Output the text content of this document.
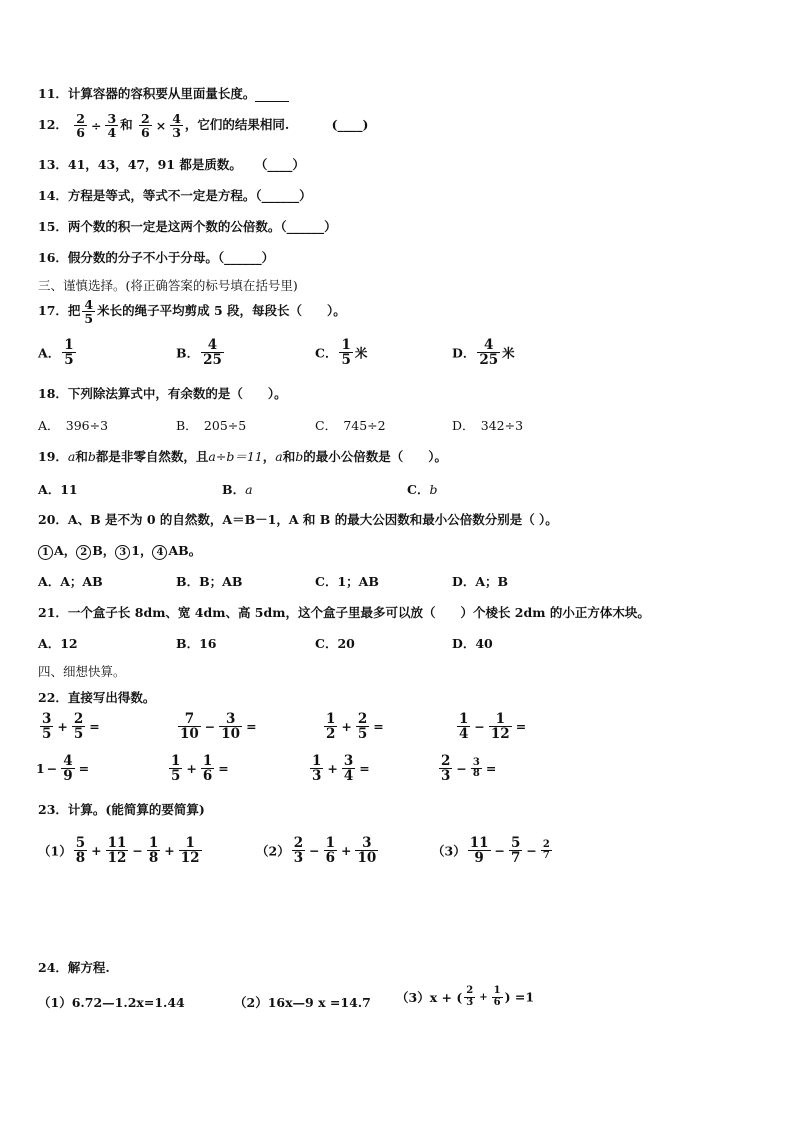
11．计算容器的容积要从里面量长度。
12． $\frac{2}{6} \div \frac{3}{4}$ 和 $\frac{2}{6} \times \frac{4}{3}$ ，它们的结果相同.	(____)
13．41，43，47，91 都是质数。 （____）
14．方程是等式，等式不一定是方程。（______）
15．两个数的积一定是这两个数的公倍数。（______）
16．假分数的分子不小于分母。（______）
三、谨慎选择。(将正确答案的标号填在括号里)
17．把 $\frac{4}{5}$ 米长的绳子平均剪成 5 段，每段长（　　）。
A． $\frac{1}{5}$	B． $\frac{4}{25}$	C． $\frac{1}{5}$ 米	D． $\frac{4}{25}$ 米
18．下列除法算式中，有余数的是（　　）。
A．　396÷3	B．　205÷5	C．　745÷2	D．　342÷3
19．a和b都是非零自然数，且a÷b＝11，a和b的最小公倍数是（　　）。
A．11	B．a	C．b
20．A、B 是不为 0 的自然数，A＝B－1，A 和 B 的最大公因数和最小公倍数分别是（ ）。
1 A， 2 B， 3 1， 4 AB。
A．A；AB	B．B；AB	C．1；AB	D．A；B
21．一个盒子长 8dm、宽 4dm、高 5dm，这个盒子里最多可以放（　　）个棱长 2dm 的小正方体木块。
A．12	B．16	C．20	D．40
四、细想快算。
22．直接写出得数。
$\frac{3}{5} + \frac{2}{5}$ =	$\frac{7}{10} - \frac{3}{10}$ =	$\frac{1}{2} + \frac{2}{5}$ =	$\frac{1}{4} - \frac{1}{12}$ =
$1 - \frac{4}{9}$ =	$\frac{1}{5} + \frac{1}{6}$ =	$\frac{1}{3} + \frac{3}{4}$ =	$\frac{2}{3} - \frac{3}{8}$ =
23．计算。(能简算的要简算)
$(1) \frac{5}{8} + \frac{11}{12} - \frac{1}{8} + \frac{1}{12}$	$(2) \frac{2}{3} - \frac{1}{6} + \frac{3}{10}$	$(3) \frac{11}{9} - \frac{5}{7} - \frac{2}{7}$
24．解方程.
（1）6.72—1.2x=1.44	（2）16x—9 x =14.7 （3）x + ( $\frac{2}{3} + \frac{1}{6}$ ) =1
